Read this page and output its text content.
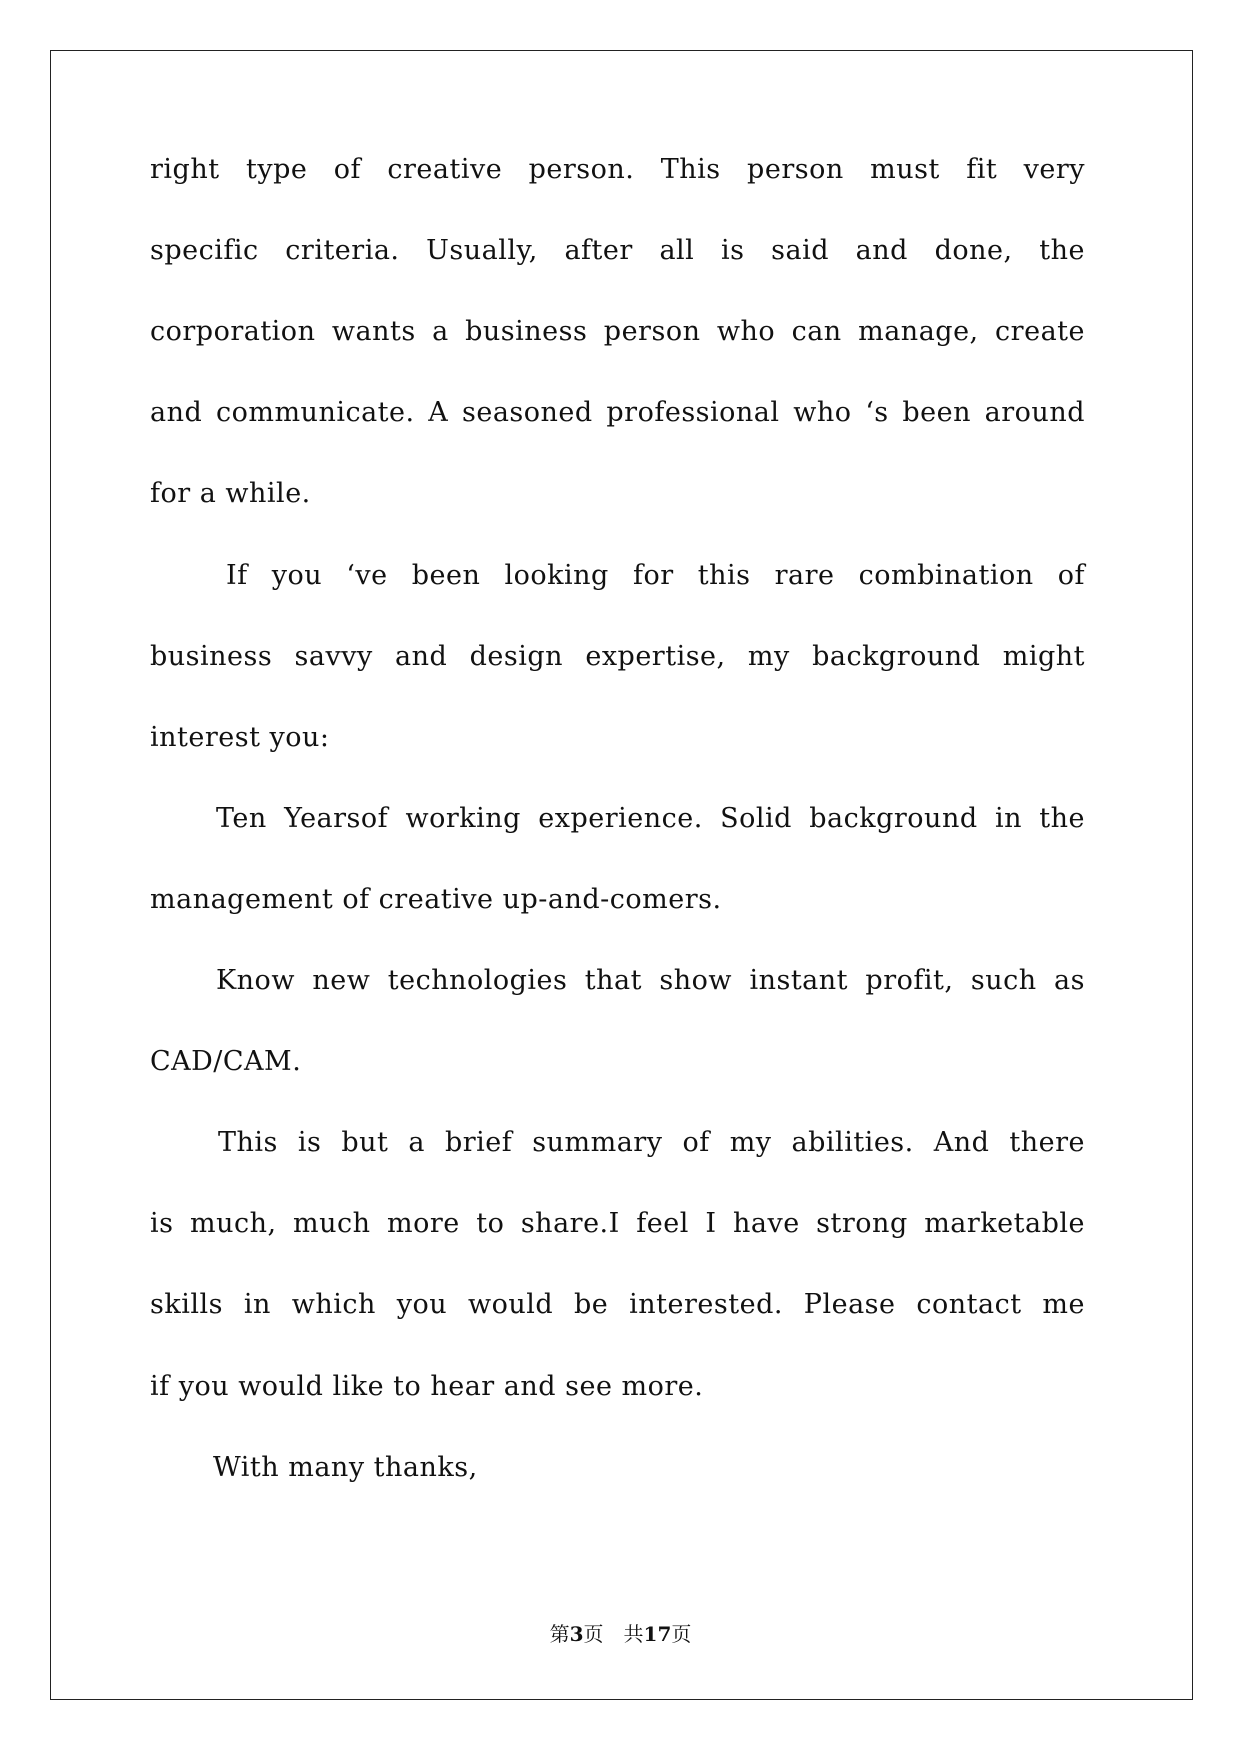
right type of creative person. This person must fit very

specific criteria. Usually, after all is said and done, the

corporation wants a business person who can manage, create

and communicate. A seasoned professional who ‘s been around

for a while.

If you ‘ve been looking for this rare combination of

business savvy and design expertise, my background might

interest you:

Ten Yearsof working experience. Solid background in the

management of creative up-and-comers.

Know new technologies that show instant profit, such as

CAD/CAM.

This is but a brief summary of my abilities. And there

is much, much more to share.I feel I have strong marketable

skills in which you would be interested. Please contact me

if you would like to hear and see more.

With many thanks,

第3页 共17页
